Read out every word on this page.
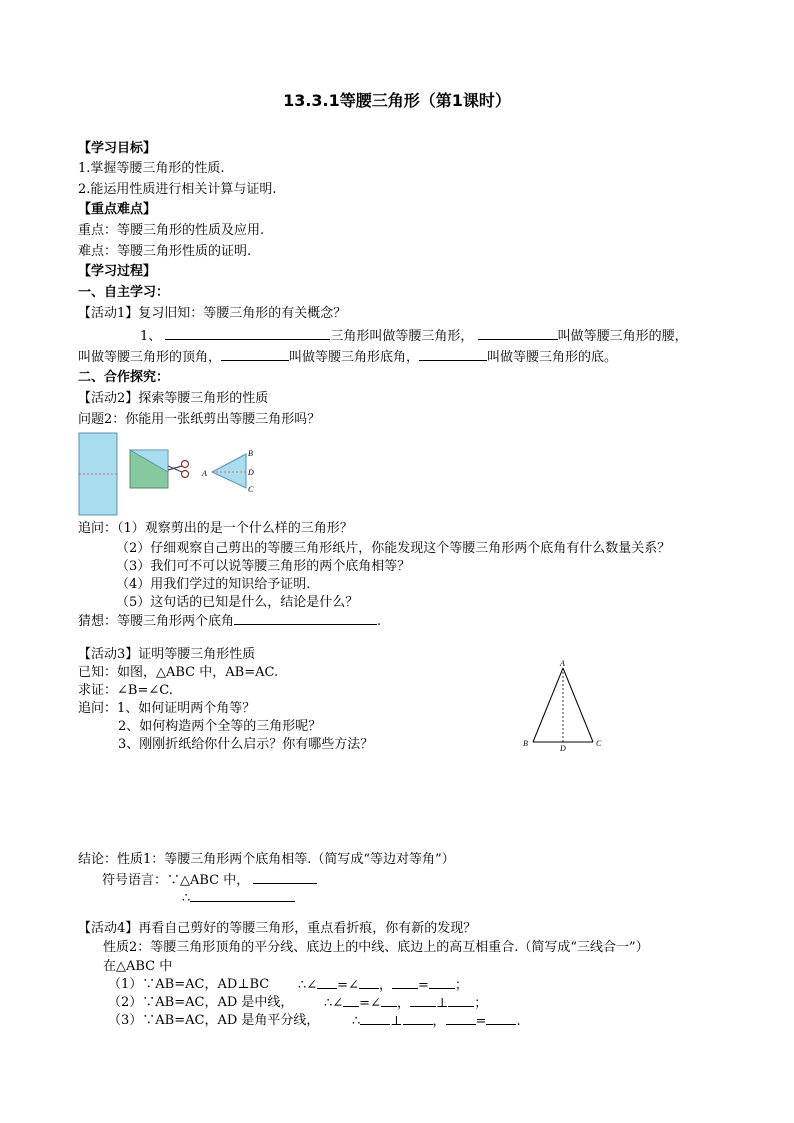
13.3.1等腰三角形（第1课时）
【学习目标】
1.掌握等腰三角形的性质.
2.能运用性质进行相关计算与证明.
【重点难点】
重点：等腰三角形的性质及应用.
难点：等腰三角形性质的证明.
【学习过程】
一、自主学习：
【活动1】复习旧知：等腰三角形的有关概念？
1、	三角形叫做等腰三角形，	叫做等腰三角形的腰，
叫做等腰三角形的顶角，	叫做等腰三角形底角，	叫做等腰三角形的底。
二、合作探究：
【活动2】探索等腰三角形的性质
问题2：你能用一张纸剪出等腰三角形吗？
A
B
D
C
追问：（1）观察剪出的是一个什么样的三角形？
（2）仔细观察自己剪出的等腰三角形纸片，你能发现这个等腰三角形两个底角有什么数量关系？
（3）我们可不可以说等腰三角形的两个底角相等？
（4）用我们学过的知识给予证明.
（5）这句话的已知是什么，结论是什么？
猜想：等腰三角形两个底角	.
【活动3】证明等腰三角形性质
已知：如图，△ABC 中，AB=AC.
求证：∠B=∠C.
追问：1、如何证明两个角等？
2、如何构造两个全等的三角形呢？
3、刚刚折纸给你什么启示？你有哪些方法？
A
B
D
C
结论：性质1：等腰三角形两个底角相等.（简写成“等边对等角”）
符号语言：∵△ABC 中，
∴
【活动4】再看自己剪好的等腰三角形，重点看折痕，你有新的发现？
性质2：等腰三角形顶角的平分线、底边上的中线、底边上的高互相重合.（简写成“三线合一”）
在△ABC 中
（1）∵AB=AC，AD⊥BC ∴∠ =∠ ， = ；
（2）∵AB=AC，AD 是中线， ∴∠ =∠ ， ⊥ ；
（3）∵AB=AC，AD 是角平分线，	∴ ⊥ ， = .
